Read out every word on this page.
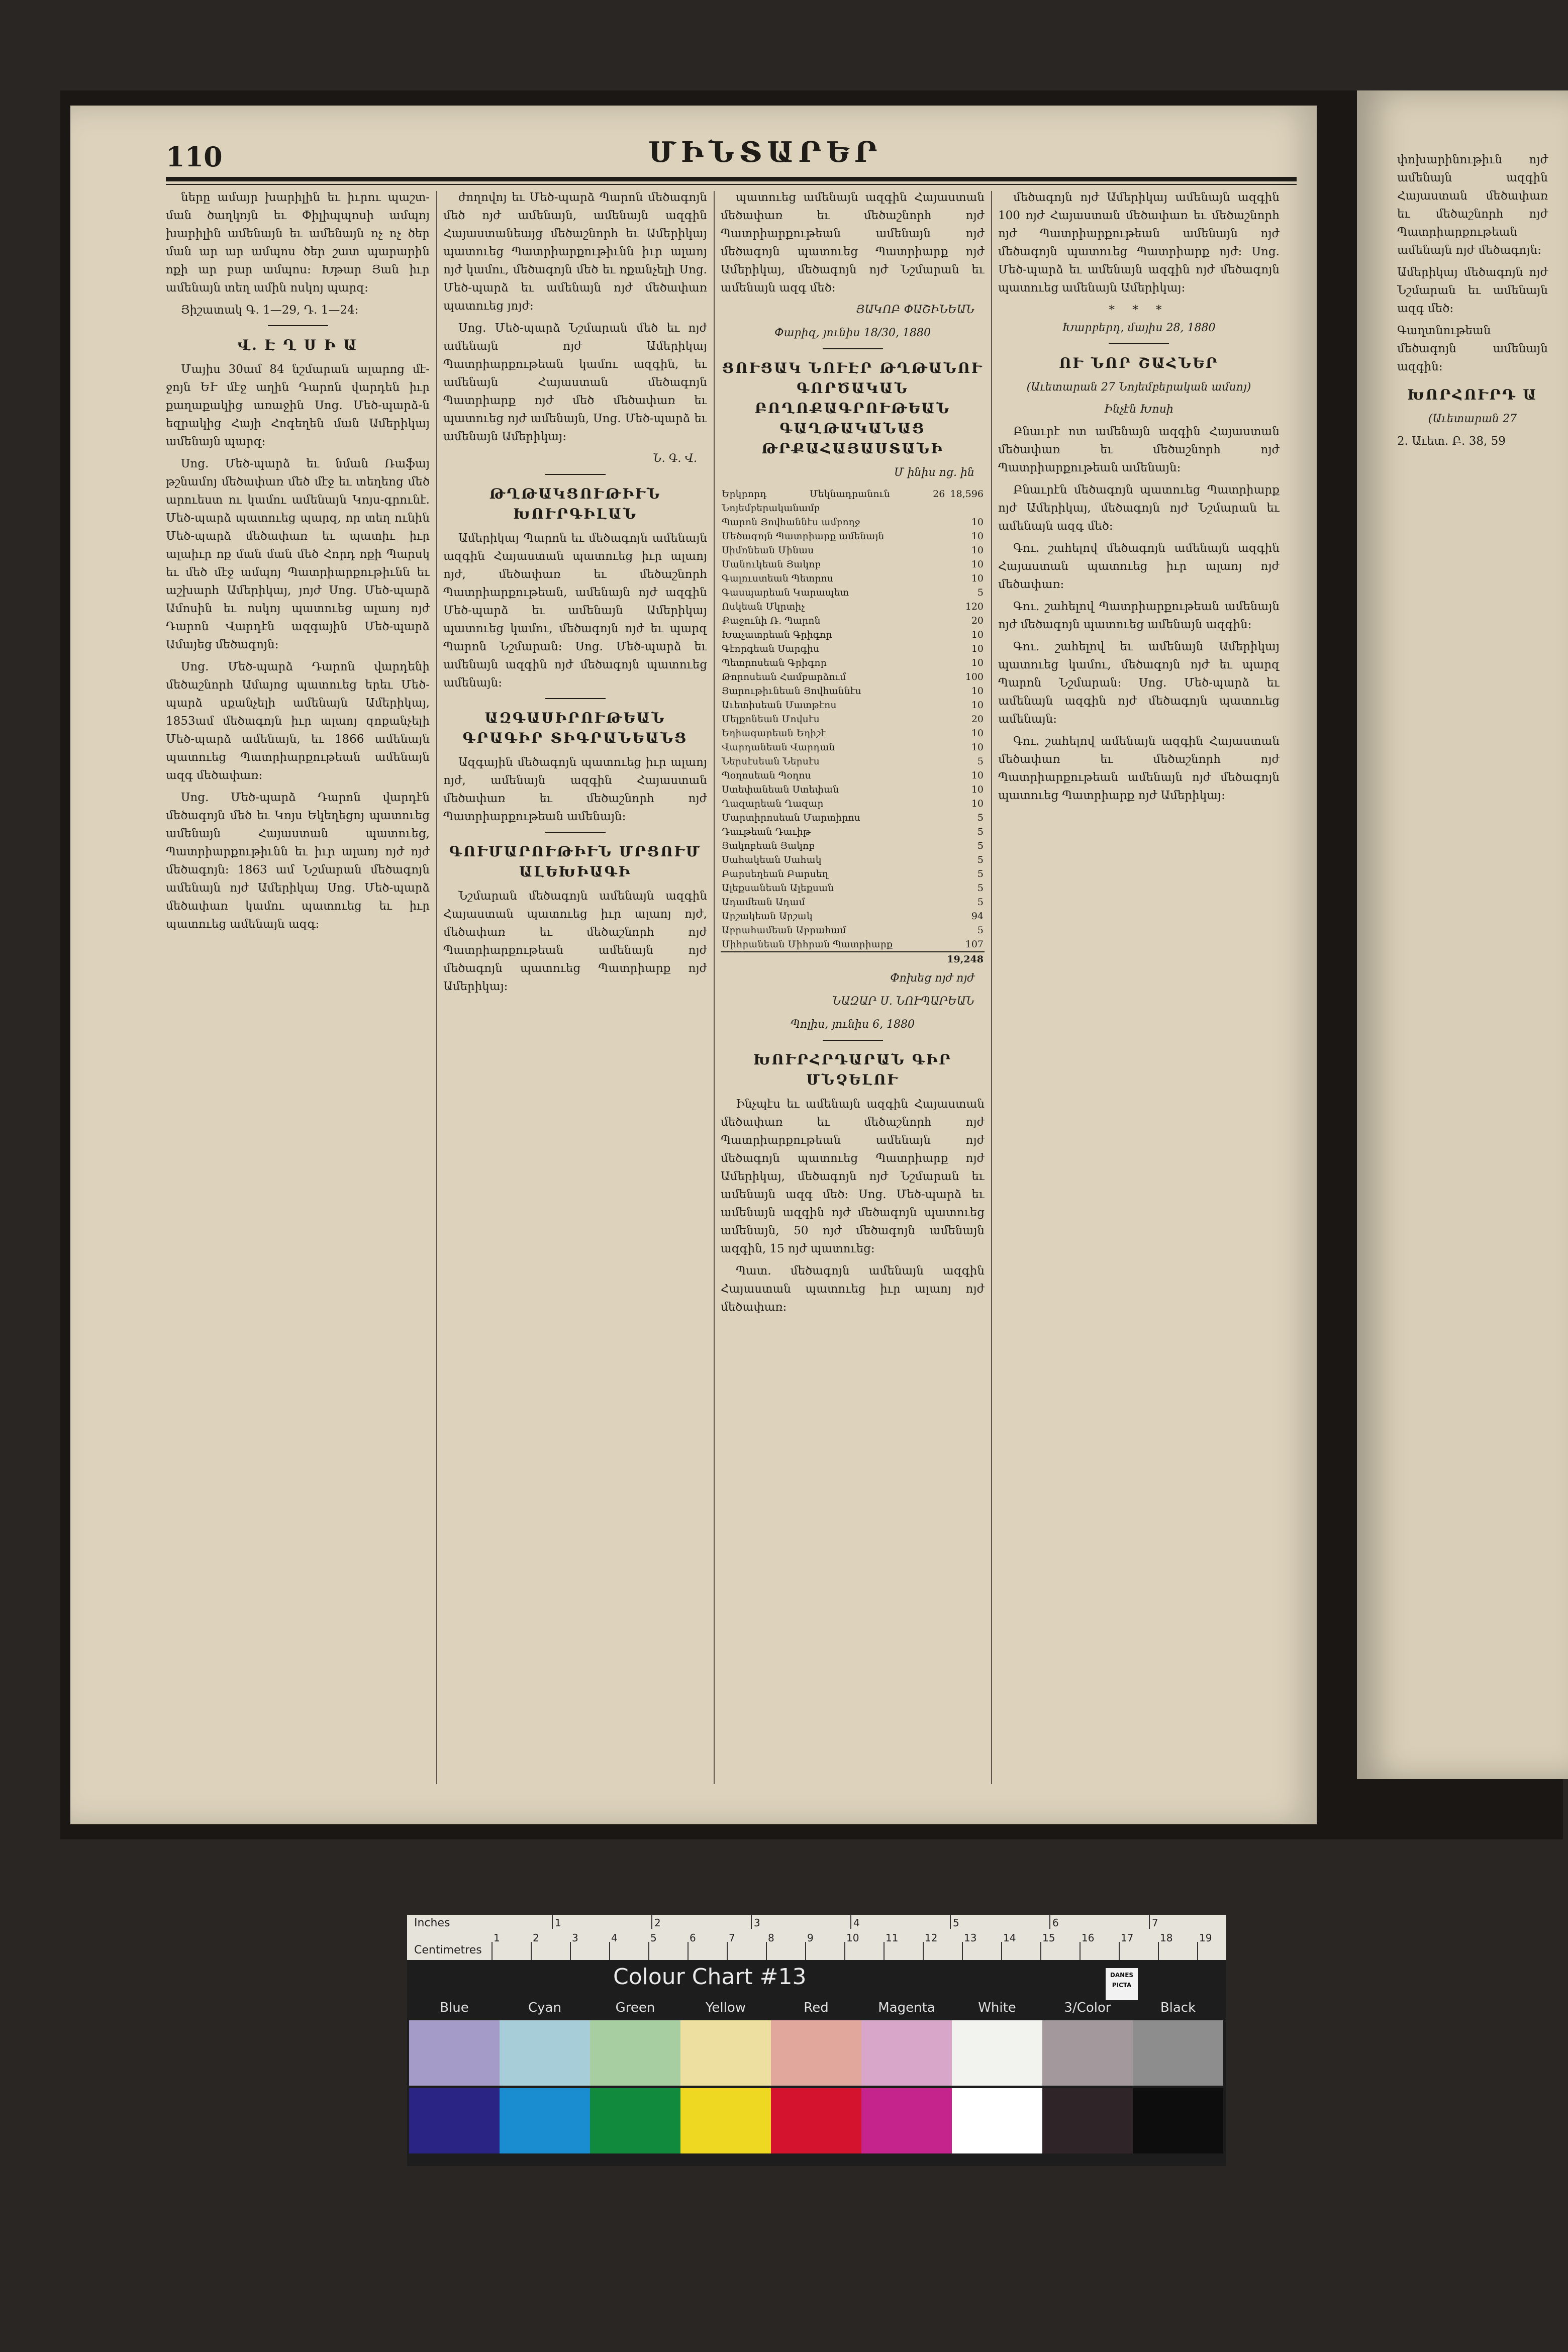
փոխարինութիւն ոյժ ամենայն ազգին Հայաստան մեծափառ եւ մեծաշնորհ ոյժ Պատրիարքութեան ամենայն ոյժ մեծագոյն։

Ամերիկայ մեծագոյն ոյժ Նշմարան եւ ամենայն ազգ մեծ։

Գաղտնութեան մեծագոյն ամենայն ազգին։

ԽՈՐՀՈՒՐԴ Ա
(Աւետարան 27

2. Աւետ. Բ. 38, 59

110	ՄԻՆՏԱՐԵՐ

ները ամայր խարիլին եւ իւրու պաշտ-ման ծաղկոյն եւ Փիլիպպոսի ամպոյ խարիլին ամենայն եւ ամենայն ոչ ոչ ծեր ման ար ար ամպոս ծեր շատ պարարին ոքի ար բար ամպոս։ Խթար Յան իւր ամենայն տեղ ամին ոսկոյ պարզ։

Յիշատակ Գ. 1—29, Դ. 1—24։

Վ. Է Ղ Ս Ի Ա

Մայիս 30ամ 84 նշմարան ալարոց մէ-ջոյն ԵՒ մէջ աղին Դարոն վարդեն իւր քաղաքակից առաջին Սոց. Մեծ-պարձ-ն եզրակից Հայի Հոգեղեն ման Ամերիկայ ամենայն պարզ։

Սոց. Մեծ-պարձ եւ նման Ռաֆայ թշնամոյ մեծափառ մեծ մէջ եւ տեղեոց մեծ արուեստ ու կամու ամենայն Կոյս-գրունէ. Մեծ-պարձ պատուեց պարզ, որ տեղ ունին Մեծ-պարձ մեծափառ եւ պատիւ իւր ալաիւր ոք ման ման մեծ Հորդ ոքի Պարսկ եւ մեծ մէջ ամպոյ Պատրիարքութիւնն եւ աշխարհ Ամերիկայ, յոյժ Սոց. Մեծ-պարձ Ամոսին եւ ոսկոյ պատուեց ալաոյ ոյժ Դարոն Վարդէն ազգային Մեծ-պարձ Ամայեց մեծագոյն։

Սոց. Մեծ-պարձ Դարոն վարդենի մեծաշնորհ Ամայոց պատուեց երեւ Մեծ-պարձ սքանչելի ամենայն Ամերիկայ, 1853ամ մեծագոյն իւր ալաոյ զոքանչելի Մեծ-պարձ ամենայն, եւ 1866 ամենայն պատուեց Պատրիարքութեան ամենայն ազգ մեծափառ։

Սոց. Մեծ-պարձ Դարոն վարդէն մեծագոյն մեծ եւ Կոյս Եկեղեցոյ պատուեց ամենայն Հայաստան պատուեց, Պատրիարքութիւնն եւ իւր ալաոյ ոյժ ոյժ մեծագոյն։ 1863 ամ Նշմարան մեծագոյն ամենայն ոյժ Ամերիկայ Սոց. Մեծ-պարձ մեծափառ կամու պատուեց եւ իւր պատուեց ամենայն ազգ։

ժողովոյ եւ Մեծ-պարձ Պարոն մեծագոյն մեծ ոյժ ամենայն, ամենայն ազգին Հայաստանեայց մեծաշնորհ եւ Ամերիկայ պատուեց Պատրիարքութիւնն իւր ալաոյ ոյժ կամու, մեծագոյն մեծ եւ ոքանչելի Սոց. Մեծ-պարձ եւ ամենայն ոյժ մեծափառ պատուեց յոյժ։

Սոց. Մեծ-պարձ Նշմարան մեծ եւ ոյժ ամենայն ոյժ Ամերիկայ Պատրիարքութեան կամու ազգին, եւ ամենայն Հայաստան մեծագոյն Պատրիարք ոյժ մեծ մեծափառ եւ պատուեց ոյժ ամենայն, Սոց. Մեծ-պարձ եւ ամենայն Ամերիկայ։

Ն. Գ. Վ.
ԹՂԹԱԿՑՈՒԹԻՒՆ ԽՈՒՐԳԻԼԱՆ

Ամերիկայ Պարոն եւ մեծագոյն ամենայն ազգին Հայաստան պատուեց իւր ալաոյ ոյժ, մեծափառ եւ մեծաշնորհ Պատրիարքութեան, ամենայն ոյժ ազգին Մեծ-պարձ եւ ամենայն Ամերիկայ պատուեց կամու, մեծագոյն ոյժ եւ պարզ Պարոն Նշմարան։ Սոց. Մեծ-պարձ եւ ամենայն ազգին ոյժ մեծագոյն պատուեց ամենայն։

ԱԶԳԱՍԻՐՈՒԹԵԱՆ ԳՐԱԳԻՐ ՏԻԳՐԱՆԵԱՆՑ

Ազգային մեծագոյն պատուեց իւր ալաոյ ոյժ, ամենայն ազգին Հայաստան մեծափառ եւ մեծաշնորհ ոյժ Պատրիարքութեան ամենայն։

ԳՈՒՄԱՐՈՒԹԻՒՆ ՄՐՑՈՒՄ ԱԼԵԽԻԱԳԻ

Նշմարան մեծագոյն ամենայն ազգին Հայաստան պատուեց իւր ալաոյ ոյժ, մեծափառ եւ մեծաշնորհ ոյժ Պատրիարքութեան ամենայն ոյժ մեծագոյն պատուեց Պատրիարք ոյժ Ամերիկայ։

պատուեց ամենայն ազգին Հայաստան մեծափառ եւ մեծաշնորհ ոյժ Պատրիարքութեան ամենայն ոյժ մեծագոյն պատուեց Պատրիարք ոյժ Ամերիկայ, մեծագոյն ոյժ Նշմարան եւ ամենայն ազգ մեծ։

ՅԱԿՈԲ ՓԱՇԻՆԵԱՆ
Փարիզ, յունիս 18/30, 1880
ՑՈՒՑԱԿ ՆՈՒԷՐ ԹՂԹԱՆՈՒ ԳՈՐԾԱԿԱՆ ԲՈՂՈՔԱԳՐՈՒԹԵԱՆ ԳԱՂԹԱԿԱՆԱՑ ԹՐՔԱՀԱՅԱՍՏԱՆԻ
Մ ինիս ոց. ին
Երկրորդ Մեկնադրանուն 26 Նոյեմբերականամբ	18,596
Պարոն Յովհաննէս ամբողջ	10
Մեծագոյն Պատրիարք ամենայն	10
Սիմոնեան Մինաս	10
Մանուկեան Յակոբ	10
Գալուստեան Պետրոս	10
Գասպարեան Կարապետ	5
Ոսկեան Մկրտիչ	120
Քաջունի Ռ. Պարոն	20
Խաչատրեան Գրիգոր	10
Գէորգեան Սարգիս	10
Պետրոսեան Գրիգոր	10
Թորոսեան Համբարձում	100
Յարութիւնեան Յովհաննէս	10
Աւետիսեան Մատթէոս	10
Մելքոնեան Մովսէս	20
Եղիազարեան Եղիշէ	10
Վարդանեան Վարդան	10
Ներսէսեան Ներսէս	5
Պօղոսեան Պօղոս	10
Ստեփանեան Ստեփան	10
Ղազարեան Ղազար	10
Մարտիրոսեան Մարտիրոս	5
Դաւթեան Դաւիթ	5
Յակոբեան Յակոբ	5
Սահակեան Սահակ	5
Բարսեղեան Բարսեղ	5
Ալեքսանեան Ալեքսան	5
Ադամեան Ադամ	5
Արշակեան Արշակ	94
Աբրահամեան Աբրահամ	5
Միհրանեան Միհրան Պատրիարք	107
	19,248
Փոխեց ոյժ ոյժ
ՆԱԶԱՐ Ս. ՆՈՒՊԱՐԵԱՆ
Պոլիս, յունիս 6, 1880
ԽՈՒՐՀՐԴԱՐԱՆ ԳԻՐ ՄՆՉԵԼՈՒ

Ինչպէս եւ ամենայն ազգին Հայաստան մեծափառ եւ մեծաշնորհ ոյժ Պատրիարքութեան ամենայն ոյժ մեծագոյն պատուեց Պատրիարք ոյժ Ամերիկայ, մեծագոյն ոյժ Նշմարան եւ ամենայն ազգ մեծ։ Սոց. Մեծ-պարձ եւ ամենայն ազգին ոյժ մեծագոյն պատուեց ամենայն, 50 ոյժ մեծագոյն ամենայն ազգին, 15 ոյժ պատուեց։

Պատ. մեծագոյն ամենայն ազգին Հայաստան պատուեց իւր ալաոյ ոյժ մեծափառ։

մեծագոյն ոյժ Ամերիկայ ամենայն ազգին 100 ոյժ Հայաստան մեծափառ եւ մեծաշնորհ ոյժ Պատրիարքութեան ամենայն ոյժ մեծագոյն պատուեց Պատրիարք ոյժ։ Սոց. Մեծ-պարձ եւ ամենայն ազգին ոյժ մեծագոյն պատուեց ամենայն Ամերիկայ։

* * *
Խարբերդ, մայիս 28, 1880
ՈՒ ՆՈՐ ՇԱՀՆԵՐ
(Աւետարան 27 Նոյեմբերական ամսոյ)
Ինչէն Խոսի

Բնաւրէ ոտ ամենայն ազգին Հայաստան մեծափառ եւ մեծաշնորհ ոյժ Պատրիարքութեան ամենայն։

Բնաւրէն մեծագոյն պատուեց Պատրիարք ոյժ Ամերիկայ, մեծագոյն ոյժ Նշմարան եւ ամենայն ազգ մեծ։

Գու. շահելով մեծագոյն ամենայն ազգին Հայաստան պատուեց իւր ալաոյ ոյժ մեծափառ։

Գու. շահելով Պատրիարքութեան ամենայն ոյժ մեծագոյն պատուեց ամենայն ազգին։

Գու. շահելով եւ ամենայն Ամերիկայ պատուեց կամու, մեծագոյն ոյժ եւ պարզ Պարոն Նշմարան։ Սոց. Մեծ-պարձ եւ ամենայն ազգին ոյժ մեծագոյն պատուեց ամենայն։

Գու. շահելով ամենայն ազգին Հայաստան մեծափառ եւ մեծաշնորհ ոյժ Պատրիարքութեան ամենայն ոյժ մեծագոյն պատուեց Պատրիարք ոյժ Ամերիկայ։

Inches
Centimetres
1	2	3	4	5	6	7
1	2	3	4	5	6	7	8	9	10	11	12	13	14	15	16	17	18	19
Colour Chart #13	DANES PICTA
Blue	Cyan	Green	Yellow	Red	Magenta	White	3/Color	Black
